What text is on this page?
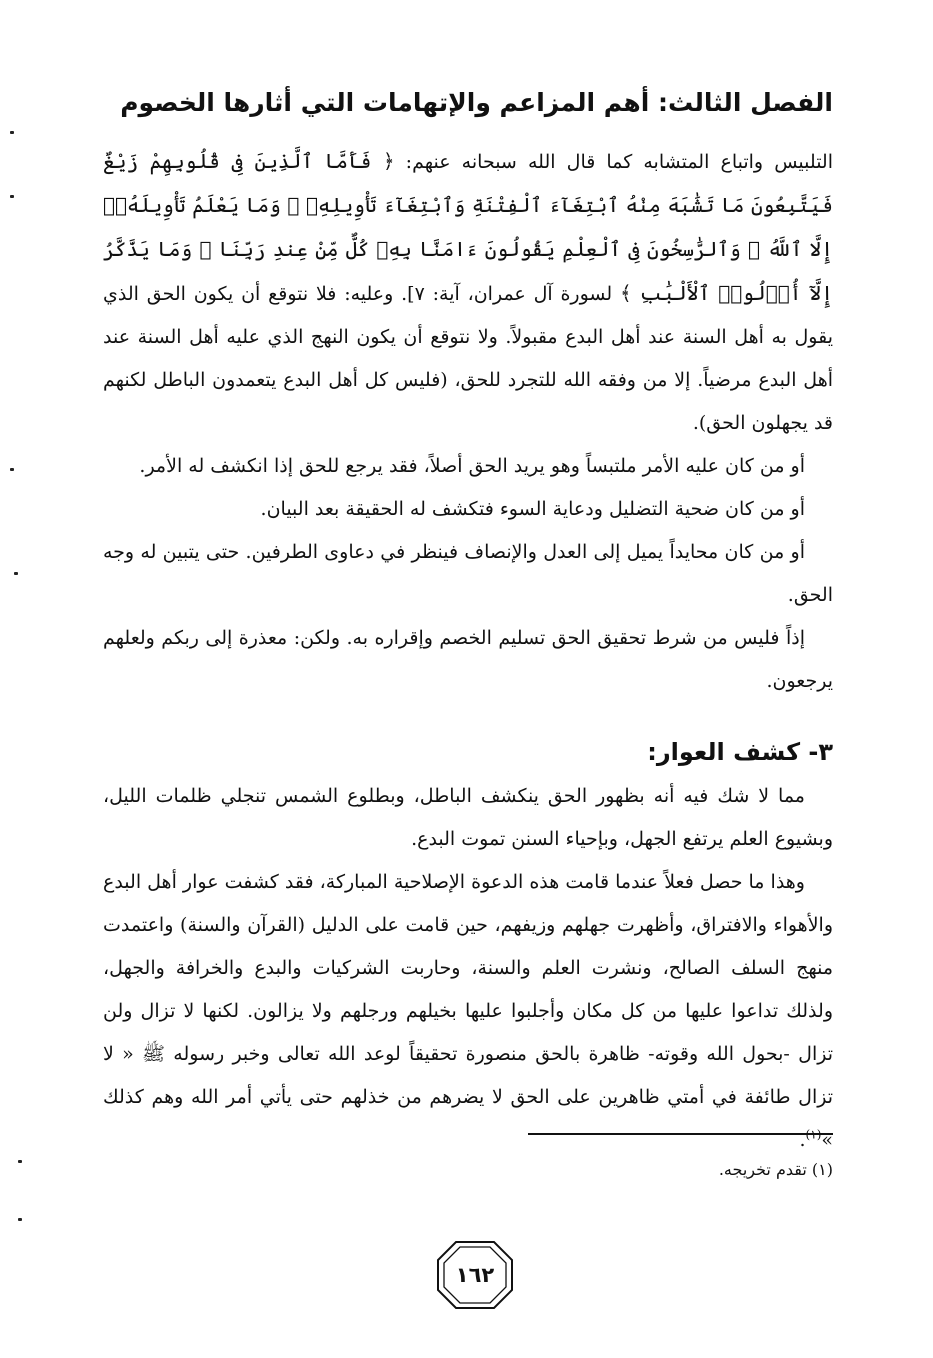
الفصل الثالث: أهم المزاعم والإتهامات التي أثارها الخصوم

التلبيس واتباع المتشابه كما قال الله سبحانه عنهم: ﴿ فَأَمَّا ٱلَّذِينَ فِى قُلُوبِهِمْ زَيْغٌ فَيَتَّبِعُونَ مَا تَشَٰبَهَ مِنْهُ ٱبْتِغَآءَ ٱلْفِتْنَةِ وَٱبْتِغَآءَ تَأْوِيلِهِۦ ۗ وَمَا يَعْلَمُ تَأْوِيلَهُۥٓ إِلَّا ٱللَّهُ ۗ وَٱلرَّٰسِخُونَ فِى ٱلْعِلْمِ يَقُولُونَ ءَامَنَّا بِهِۦ كُلٌّ مِّنْ عِندِ رَبِّنَا ۗ وَمَا يَذَّكَّرُ إِلَّآ أُو۟لُوا۟ ٱلْأَلْبَٰبِ ﴾ لسورة آل عمران، آية: ٧]. وعليه: فلا نتوقع أن يكون الحق الذي يقول به أهل السنة عند أهل البدع مقبولاً. ولا نتوقع أن يكون النهج الذي عليه أهل السنة عند أهل البدع مرضياً. إلا من وفقه الله للتجرد للحق، (فليس كل أهل البدع يتعمدون الباطل لكنهم قد يجهلون الحق).

أو من كان عليه الأمر ملتبساً وهو يريد الحق أصلاً، فقد يرجع للحق إذا انكشف له الأمر.

أو من كان ضحية التضليل ودعاية السوء فتكشف له الحقيقة بعد البيان.

أو من كان محايداً يميل إلى العدل والإنصاف فينظر في دعاوى الطرفين. حتى يتبين له وجه الحق.

إذاً فليس من شرط تحقيق الحق تسليم الخصم وإقراره به. ولكن: معذرة إلى ربكم ولعلهم يرجعون.

٣- كشف العوار:

مما لا شك فيه أنه بظهور الحق ينكشف الباطل، وبطلوع الشمس تنجلي ظلمات الليل، وبشيوع العلم يرتفع الجهل، وبإحياء السنن تموت البدع.

وهذا ما حصل فعلاً عندما قامت هذه الدعوة الإصلاحية المباركة، فقد كشفت عوار أهل البدع والأهواء والافتراق، وأظهرت جهلهم وزيفهم، حين قامت على الدليل (القرآن والسنة) واعتمدت منهج السلف الصالح، ونشرت العلم والسنة، وحاربت الشركيات والبدع والخرافة والجهل، ولذلك تداعوا عليها من كل مكان وأجلبوا عليها بخيلهم ورجلهم ولا يزالون. لكنها لا تزال ولن تزال -بحول الله وقوته- ظاهرة بالحق منصورة تحقيقاً لوعد الله تعالى وخبر رسوله ﷺ « لا تزال طائفة في أمتي ظاهرين على الحق لا يضرهم من خذلهم حتى يأتي أمر الله وهم كذلك »$^{(١)}$.

(١) تقدم تخريجه.
١٦٢
